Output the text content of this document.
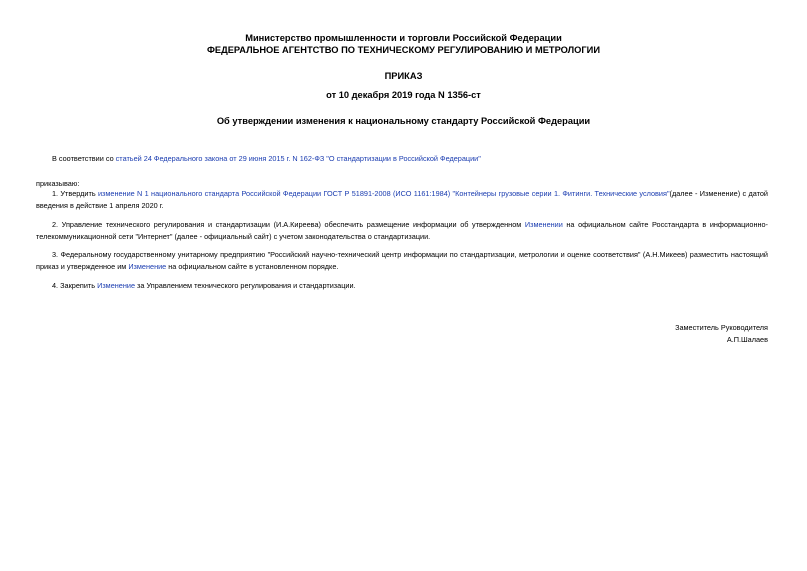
Министерство промышленности и торговли Российской Федерации
ФЕДЕРАЛЬНОЕ АГЕНТСТВО ПО ТЕХНИЧЕСКОМУ РЕГУЛИРОВАНИЮ И МЕТРОЛОГИИ
ПРИКАЗ
от 10 декабря 2019 года N 1356-ст
Об утверждении изменения к национальному стандарту Российской Федерации
В соответствии со статьей 24 Федерального закона от 29 июня 2015 г. N 162-ФЗ "О стандартизации в Российской Федерации"
приказываю:
1. Утвердить изменение N 1 национального стандарта Российской Федерации ГОСТ Р 51891-2008 (ИСО 1161:1984) "Контейнеры грузовые серии 1. Фитинги. Технические условия"(далее - Изменение) с датой введения в действие 1 апреля 2020 г.
2. Управление технического регулирования и стандартизации (И.А.Киреева) обеспечить размещение информации об утвержденном Изменении на официальном сайте Росстандарта в информационно-телекоммуникационной сети "Интернет" (далее - официальный сайт) с учетом законодательства о стандартизации.
3. Федеральному государственному унитарному предприятию "Российский научно-технический центр информации по стандартизации, метрологии и оценке соответствия" (А.Н.Микеев) разместить настоящий приказ и утвержденное им Изменение на официальном сайте в установленном порядке.
4. Закрепить Изменение за Управлением технического регулирования и стандартизации.
Заместитель Руководителя
А.П.Шалаев
